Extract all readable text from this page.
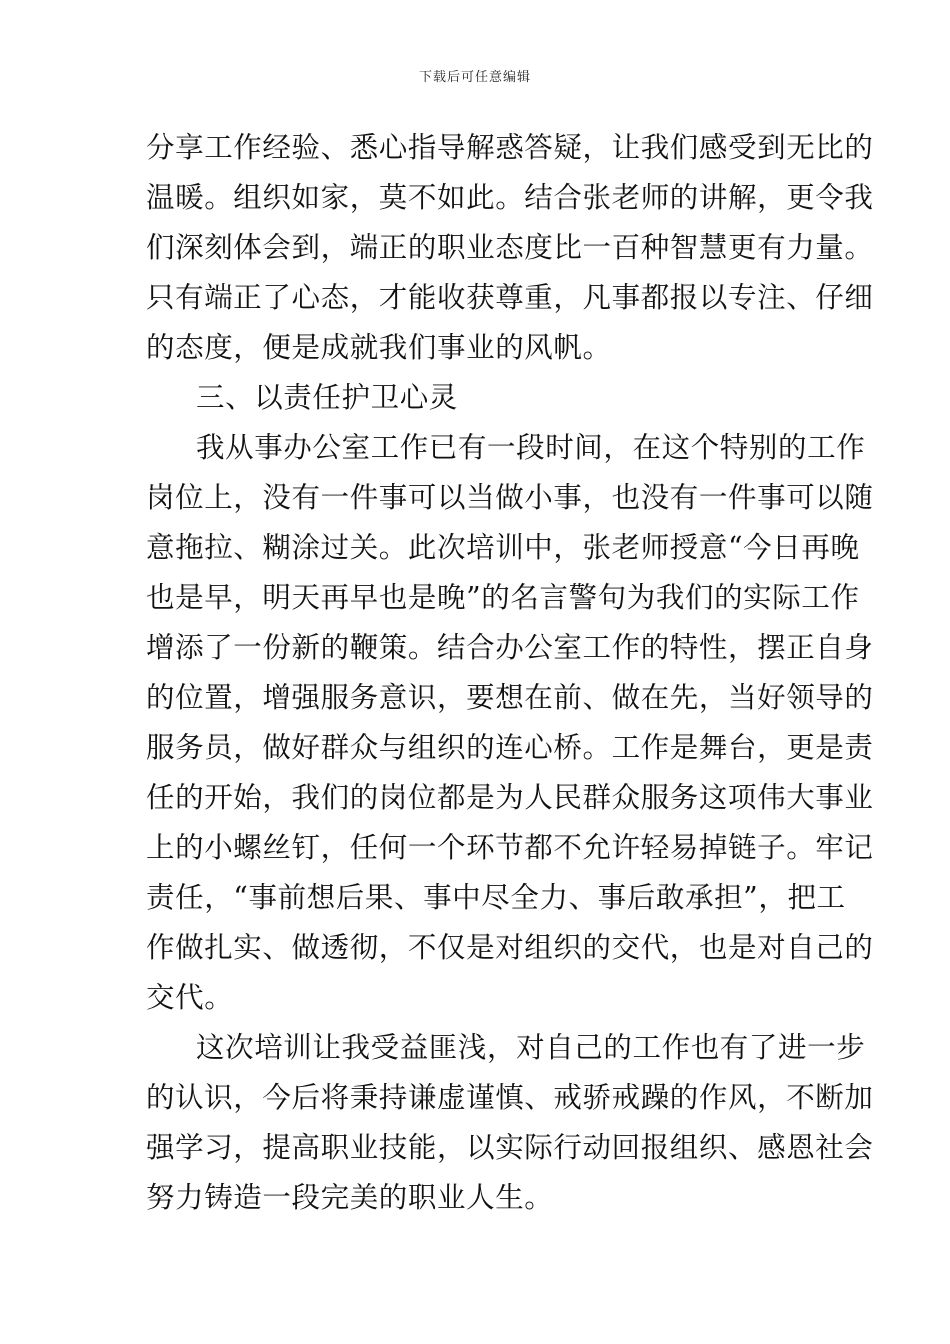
下载后可任意编辑
分享工作经验、悉心指导解惑答疑，让我们感受到无比的
温暖。组织如家，莫不如此。结合张老师的讲解，更令我
们深刻体会到，端正的职业态度比一百种智慧更有力量。
只有端正了心态，才能收获尊重，凡事都报以专注、仔细
的态度，便是成就我们事业的风帆。
三、以责任护卫心灵
我从事办公室工作已有一段时间，在这个特别的工作
岗位上，没有一件事可以当做小事，也没有一件事可以随
意拖拉、糊涂过关。此次培训中，张老师授意“今日再晚
也是早，明天再早也是晚”的名言警句为我们的实际工作
增添了一份新的鞭策。结合办公室工作的特性，摆正自身
的位置，增强服务意识，要想在前、做在先，当好领导的
服务员，做好群众与组织的连心桥。工作是舞台，更是责
任的开始，我们的岗位都是为人民群众服务这项伟大事业
上的小螺丝钉，任何一个环节都不允许轻易掉链子。牢记
责任，“事前想后果、事中尽全力、事后敢承担”，把工
作做扎实、做透彻，不仅是对组织的交代，也是对自己的
交代。
这次培训让我受益匪浅，对自己的工作也有了进一步
的认识，今后将秉持谦虚谨慎、戒骄戒躁的作风，不断加
强学习，提高职业技能，以实际行动回报组织、感恩社会
努力铸造一段完美的职业人生。
